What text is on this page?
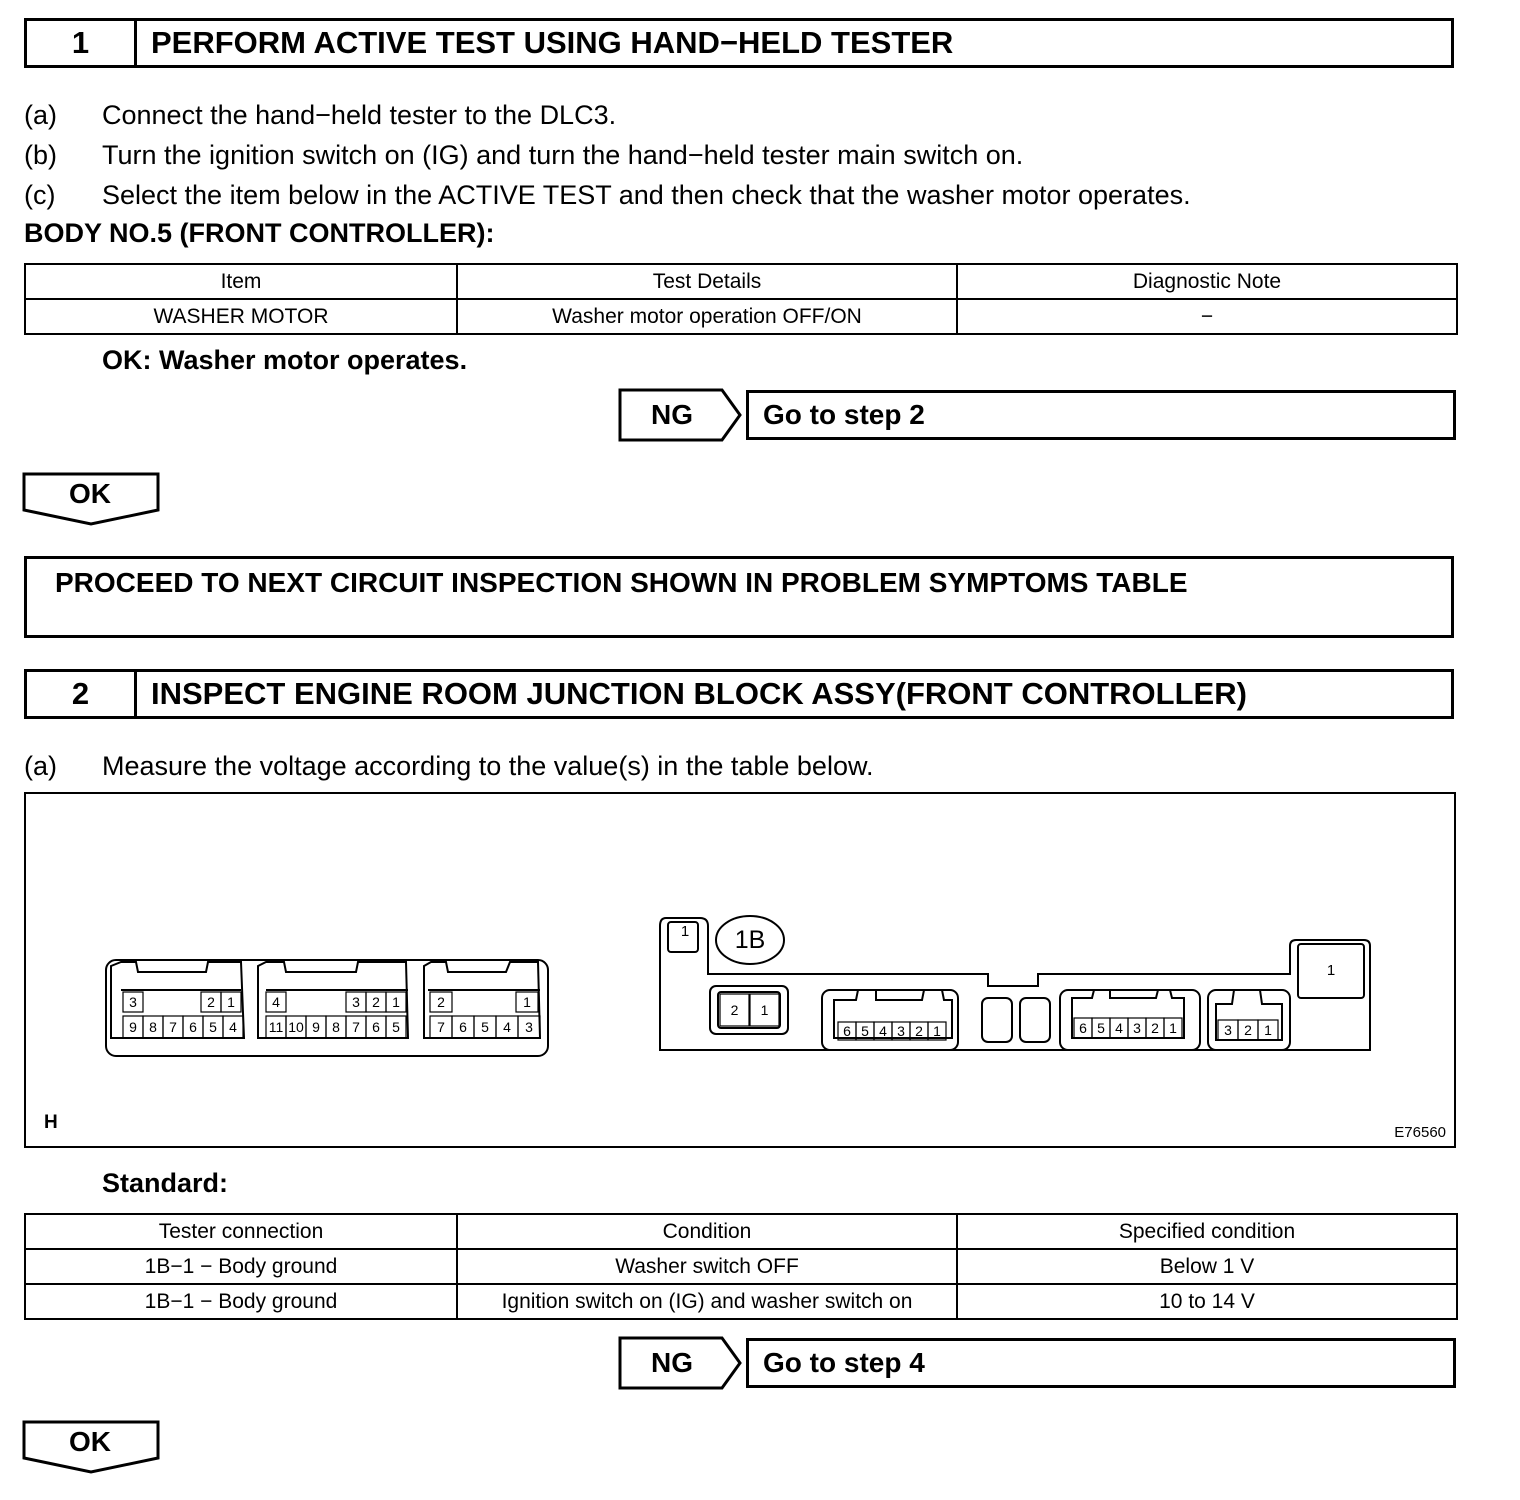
1	PERFORM ACTIVE TEST USING HAND−HELD TESTER
(a) Connect the hand−held tester to the DLC3.
(b) Turn the ignition switch on (IG) and turn the hand−held tester main switch on.
(c) Select the item below in the ACTIVE TEST and then check that the washer motor operates.
BODY NO.5 (FRONT CONTROLLER):
Item	Test Details	Diagnostic Note
WASHER MOTOR	Washer motor operation OFF/ON	−
OK: Washer motor operates.
NG	Go to step 2
OK
PROCEED TO NEXT CIRCUIT INSPECTION SHOWN IN PROBLEM SYMPTOMS TABLE
2	INSPECT ENGINE ROOM JUNCTION BLOCK ASSY(FRONT CONTROLLER)
(a) Measure the voltage according to the value(s) in the table below.
3	1
2
9 8 7 6 5 4
4	1
2
3
11 10 9 8 7 6 5
2	1
7 6 5 4 3
2 1
6 5 4 3 2 1	6 5 4 3 2 1	3 2 1
1
1
1B
H	E76560
Standard:
Tester connection	Condition	Specified condition
1B−1 − Body ground	Washer switch OFF	Below 1 V
1B−1 − Body ground	Ignition switch on (IG) and washer switch on	10 to 14 V
NG	Go to step 4
OK
